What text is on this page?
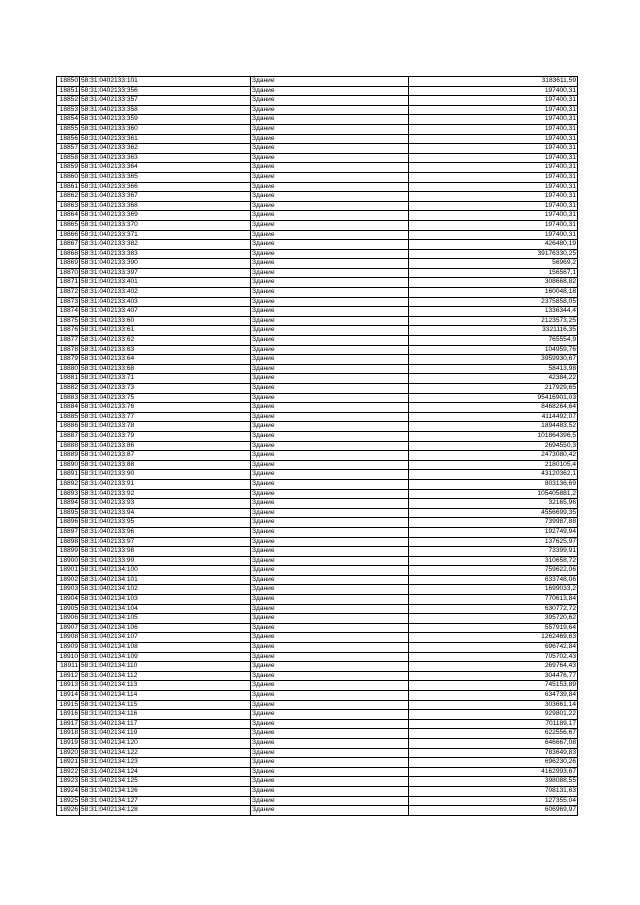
18850	58:31:0402133:101	Здание	3183611,59
18851	58:31:0402133:356	Здание	197400,31
18852	58:31:0402133:357	Здание	197400,31
18853	58:31:0402133:358	Здание	197400,31
18854	58:31:0402133:359	Здание	197400,31
18855	58:31:0402133:360	Здание	197400,31
18856	58:31:0402133:361	Здание	197400,31
18857	58:31:0402133:362	Здание	197400,31
18858	58:31:0402133:363	Здание	197400,31
18859	58:31:0402133:364	Здание	197400,31
18860	58:31:0402133:365	Здание	197400,31
18861	58:31:0402133:366	Здание	197400,31
18862	58:31:0402133:367	Здание	197400,31
18863	58:31:0402133:368	Здание	197400,31
18864	58:31:0402133:369	Здание	197400,31
18865	58:31:0402133:370	Здание	197400,31
18866	58:31:0402133:371	Здание	197400,31
18867	58:31:0402133:382	Здание	426480,19
18868	58:31:0402133:383	Здание	39176330,25
18869	58:31:0402133:390	Здание	56969,2
18870	58:31:0402133:397	Здание	156567,1
18871	58:31:0402133:401	Здание	308668,82
18872	58:31:0402133:402	Здание	160048,18
18873	58:31:0402133:403	Здание	2375858,05
18874	58:31:0402133:407	Здание	1336344,4
18875	58:31:0402133:60	Здание	2123573,25
18876	58:31:0402133:61	Здание	3321116,35
18877	58:31:0402133:62	Здание	765554,9
18878	58:31:0402133:63	Здание	104959,76
18879	58:31:0402133:64	Здание	3959930,67
18880	58:31:0402133:68	Здание	58413,98
18881	58:31:0402133:71	Здание	42384,22
18882	58:31:0402133:73	Здание	217929,65
18883	58:31:0402133:75	Здание	95416901,03
18884	58:31:0402133:76	Здание	8468264,64
18885	58:31:0402133:77	Здание	4114492,07
18886	58:31:0402133:78	Здание	1894483,52
18887	58:31:0402133:79	Здание	101864396,5
18888	58:31:0402133:86	Здание	2694550,3
18889	58:31:0402133:87	Здание	2473080,42
18890	58:31:0402133:88	Здание	2180105,4
18891	58:31:0402133:90	Здание	43120362,1
18892	58:31:0402133:91	Здание	803136,69
18893	58:31:0402133:92	Здание	105405881,2
18894	58:31:0402133:93	Здание	32165,96
18895	58:31:0402133:94	Здание	4556699,35
18896	58:31:0402133:95	Здание	739987,88
18897	58:31:0402133:96	Здание	192749,94
18898	58:31:0402133:97	Здание	137625,97
18899	58:31:0402133:98	Здание	73399,91
18900	58:31:0402133:99	Здание	310658,72
18901	58:31:0402134:100	Здание	759622,06
18902	58:31:0402134:101	Здание	633748,06
18903	58:31:0402134:102	Здание	1699033,2
18904	58:31:0402134:103	Здание	770613,84
18905	58:31:0402134:104	Здание	630772,72
18906	58:31:0402134:105	Здание	395720,62
18907	58:31:0402134:106	Здание	557919,64
18908	58:31:0402134:107	Здание	1262469,63
18909	58:31:0402134:108	Здание	696742,84
18910	58:31:0402134:109	Здание	705702,43
18911	58:31:0402134:110	Здание	269764,43
18912	58:31:0402134:112	Здание	304476,77
18913	58:31:0402134:113	Здание	745153,89
18914	58:31:0402134:114	Здание	634739,84
18915	58:31:0402134:115	Здание	303661,14
18916	58:31:0402134:116	Здание	929801,22
18917	58:31:0402134:117	Здание	701189,17
18918	58:31:0402134:119	Здание	622556,67
18919	58:31:0402134:120	Здание	646667,08
18920	58:31:0402134:122	Здание	783649,83
18921	58:31:0402134:123	Здание	696230,26
18922	58:31:0402134:124	Здание	4162993,67
18923	58:31:0402134:125	Здание	398088,55
18924	58:31:0402134:126	Здание	708131,63
18925	58:31:0402134:127	Здание	127355,04
18926	58:31:0402134:128	Здание	606969,97
